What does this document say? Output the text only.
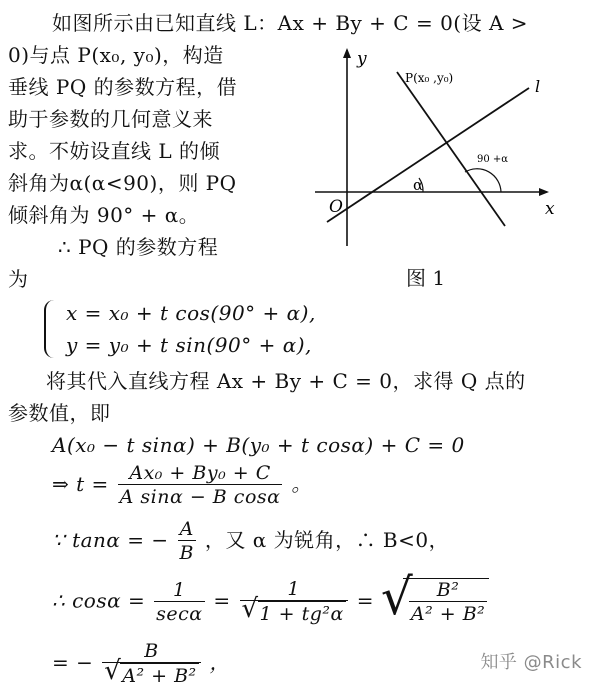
如图所示由已知直线 L：Ax + By + C = 0(设 A >
0)与点 P(x₀, y₀)，构造
垂线 PQ 的参数方程，借
助于参数的几何意义来
求。不妨设直线 L 的倾
斜角为α(α<90)，则 PQ
倾斜角为 90° + α。
∴ PQ 的参数方程
为
y
x
O
P(x₀ ,y₀)	l
α
90 +α
图 1
x = x₀ + t cos(90° + α),
y = y₀ + t sin(90° + α),
将其代入直线方程 Ax + By + C = 0，求得 Q 点的
参数值，即
A(x₀ − t sinα) + B(y₀ + t cosα) + C = 0
⇒ $t = \frac{\text{Ax₀ + By₀ + C}}{\text{A sinα − B cosα}}$ 。
∵ tanα = − $\frac{A}{B}$ ，又 α 为锐角，∴ B<0，
∴ $\cos\alpha = \frac{1}{\sec\alpha} = 1$
√ 1 + tg²α = √
$\frac{\text{B²}}{\text{A² + B²}}$
= − B
√ A² + B² ，	知乎 @Rick
